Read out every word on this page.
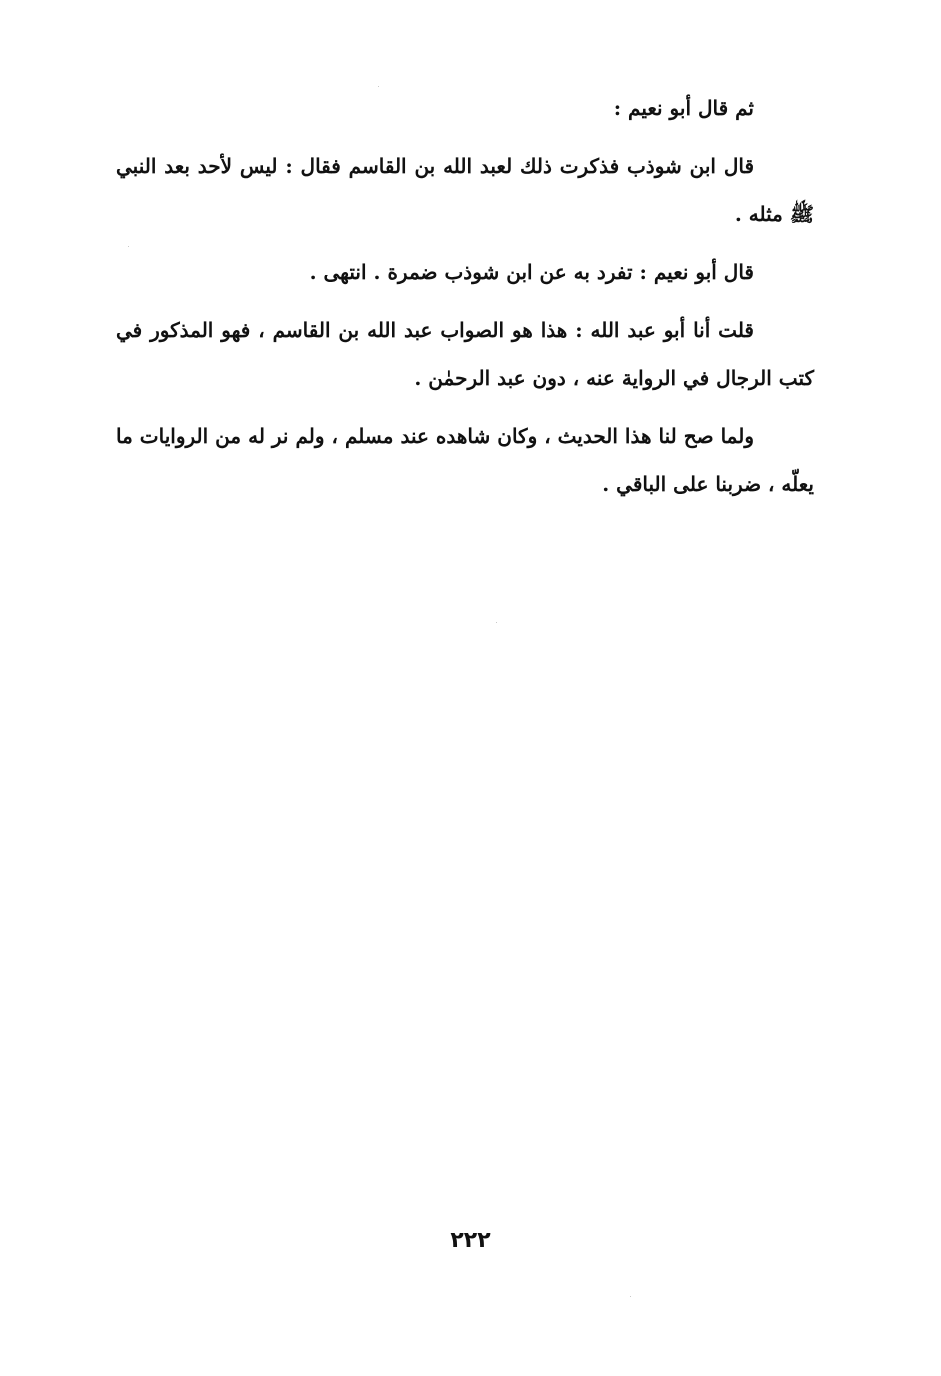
ثم قال أبو نعيم :

قال ابن شوذب فذكرت ذلك لعبد الله بن القاسم فقال : ليس لأحد بعد النبي ﷺ مثله .

قال أبو نعيم : تفرد به عن ابن شوذب ضمرة . انتهى .

قلت أنا أبو عبد الله : هذا هو الصواب عبد الله بن القاسم ، فهو المذكور في كتب الرجال في الرواية عنه ، دون عبد الرحمٰن .

ولما صح لنا هذا الحديث ، وكان شاهده عند مسلم ، ولم نر له من الروايات ما يعلّه ، ضربنا على الباقي .

٢٢٢
